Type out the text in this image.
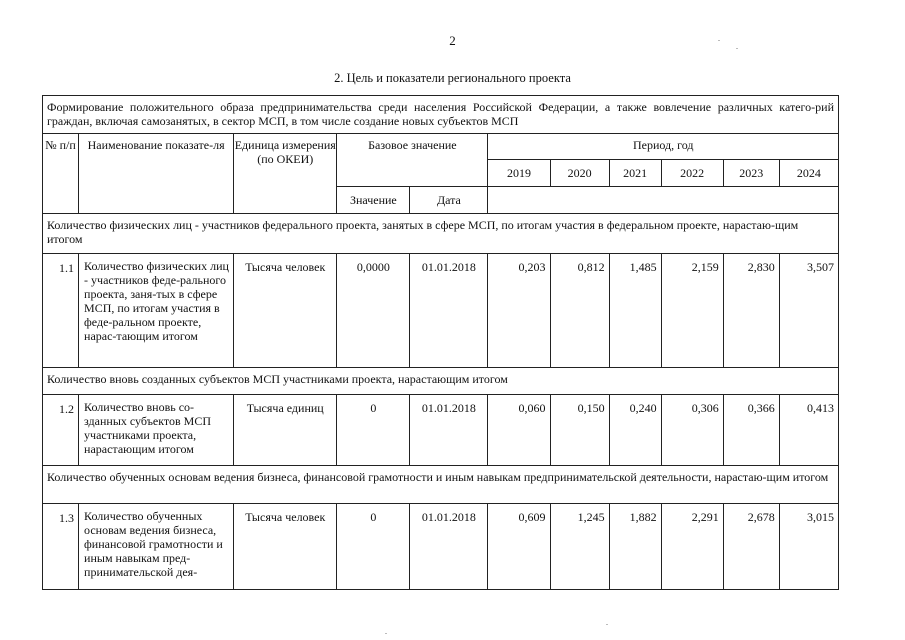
2
2. Цель и показатели регионального проекта
Формирование положительного образа предпринимательства среди населения Российской Федерации, а также вовлечение различных катего-рий граждан, включая самозанятых, в сектор МСП, в том числе создание новых субъектов МСП										
№ п/п	Наименование показате-ля	Единица измерения (по ОКЕИ)	Базовое значение		Период, год					
					2019	2020	2021	2022	2023	2024
			Значение	Дата						
Количество физических лиц - участников федерального проекта, занятых в сфере МСП, по итогам участия в федеральном проекте, нарастаю-щим итогом										
1.1	Количество физических лиц - участников феде-рального проекта, заня-тых в сфере МСП, по итогам участия в феде-ральном проекте, нарас-тающим итогом	Тысяча человек	0,0000	01.01.2018	0,203	0,812	1,485	2,159	2,830	3,507
Количество вновь созданных субъектов МСП участниками проекта, нарастающим итогом										
1.2	Количество вновь со-зданных субъектов МСП участниками проекта, нарастающим итогом	Тысяча единиц	0	01.01.2018	0,060	0,150	0,240	0,306	0,366	0,413
Количество обученных основам ведения бизнеса, финансовой грамотности и иным навыкам предпринимательской деятельности, нарастаю-щим итогом										
1.3	Количество обученных основам ведения бизнеса, финансовой грамотности и иным навыкам пред-принимательской дея-	Тысяча человек	0	01.01.2018	0,609	1,245	1,882	2,291	2,678	3,015
